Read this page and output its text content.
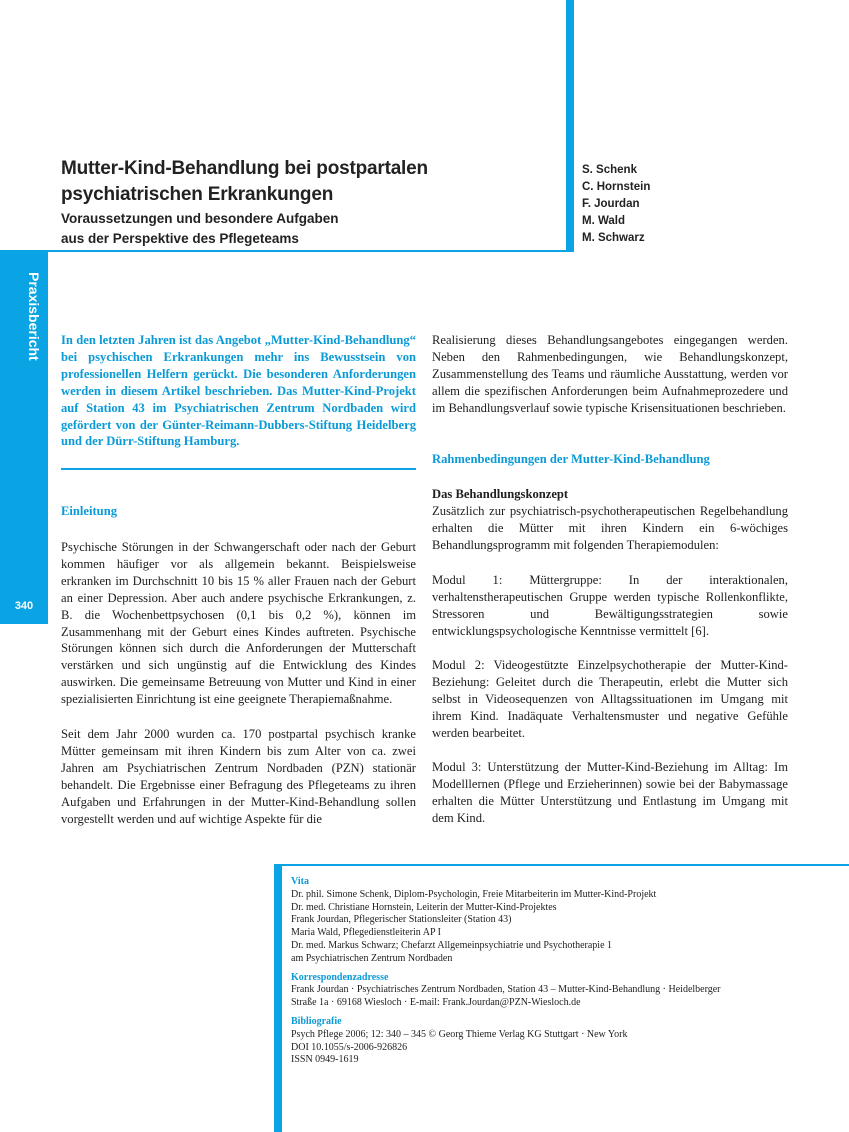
Praxisbericht
340
Mutter-Kind-Behandlung bei postpartalen
psychiatrischen Erkrankungen
Voraussetzungen und besondere Aufgaben
aus der Perspektive des Pflegeteams
S. Schenk
C. Hornstein
F. Jourdan
M. Wald
M. Schwarz

In den letzten Jahren ist das Angebot „Mutter-Kind-Behandlung“ bei psychischen Erkrankungen mehr ins Bewusstsein von professionellen Helfern gerückt. Die besonderen Anforderungen werden in diesem Artikel beschrieben. Das Mutter-Kind-Projekt auf Station 43 im Psychiatrischen Zentrum Nordbaden wird gefördert von der Günter-Reimann-Dubbers-Stiftung Heidelberg und der Dürr-Stiftung Hamburg.

Einleitung

Psychische Störungen in der Schwangerschaft oder nach der Geburt kommen häufiger vor als allgemein bekannt. Beispielsweise erkranken im Durchschnitt 10 bis 15 % aller Frauen nach der Geburt an einer Depression. Aber auch andere psychische Erkrankungen, z. B. die Wochenbettpsychosen (0,1 bis 0,2 %), können im Zusammenhang mit der Geburt eines Kindes auftreten. Psychische Störungen können sich durch die Anforderungen der Mutterschaft verstärken und sich ungünstig auf die Entwicklung des Kindes auswirken. Die gemeinsame Betreuung von Mutter und Kind in einer spezialisierten Einrichtung ist eine geeignete Therapiemaßnahme.

Seit dem Jahr 2000 wurden ca. 170 postpartal psychisch kranke Mütter gemeinsam mit ihren Kindern bis zum Alter von ca. zwei Jahren am Psychiatrischen Zentrum Nordbaden (PZN) stationär behandelt. Die Ergebnisse einer Befragung des Pflegeteams zu ihren Aufgaben und Erfahrungen in der Mutter-Kind-Behandlung sollen vorgestellt werden und auf wichtige Aspekte für die

Realisierung dieses Behandlungsangebotes eingegangen werden. Neben den Rahmenbedingungen, wie Behandlungskonzept, Zusammenstellung des Teams und räumliche Ausstattung, werden vor allem die spezifischen Anforderungen beim Aufnahmeprozedere und im Behandlungsverlauf sowie typische Krisensituationen beschrieben.

Rahmenbedingungen der Mutter-Kind-Behandlung
Das Behandlungskonzept

Zusätzlich zur psychiatrisch-psychotherapeutischen Regelbehandlung erhalten die Mütter mit ihren Kindern ein 6-wöchiges Behandlungsprogramm mit folgenden Therapiemodulen:

Modul 1: Müttergruppe: In der interaktionalen, verhaltenstherapeutischen Gruppe werden typische Rollenkonflikte, Stressoren und Bewältigungsstrategien sowie entwicklungspsychologische Kenntnisse vermittelt [6].

Modul 2: Videogestützte Einzelpsychotherapie der Mutter-Kind-Beziehung: Geleitet durch die Therapeutin, erlebt die Mutter sich selbst in Videosequenzen von Alltagssituationen im Umgang mit ihrem Kind. Inadäquate Verhaltensmuster und negative Gefühle werden bearbeitet.

Modul 3: Unterstützung der Mutter-Kind-Beziehung im Alltag: Im Modelllernen (Pflege und Erzieherinnen) sowie bei der Babymassage erhalten die Mütter Unterstützung und Entlastung im Umgang mit dem Kind.

Vita
Dr. phil. Simone Schenk, Diplom-Psychologin, Freie Mitarbeiterin im Mutter-Kind-Projekt
Dr. med. Christiane Hornstein, Leiterin der Mutter-Kind-Projektes
Frank Jourdan, Pflegerischer Stationsleiter (Station 43)
Maria Wald, Pflegedienstleiterin AP I
Dr. med. Markus Schwarz; Chefarzt Allgemeinpsychiatrie und Psychotherapie 1
am Psychiatrischen Zentrum Nordbaden
Korrespondenzadresse
Frank Jourdan · Psychiatrisches Zentrum Nordbaden, Station 43 – Mutter-Kind-Behandlung · Heidelberger
Straße 1a · 69168 Wiesloch · E-mail: Frank.Jourdan@PZN-Wiesloch.de
Bibliografie
Psych Pflege 2006; 12: 340 – 345 © Georg Thieme Verlag KG Stuttgart · New York
DOI 10.1055/s-2006-926826
ISSN 0949-1619
